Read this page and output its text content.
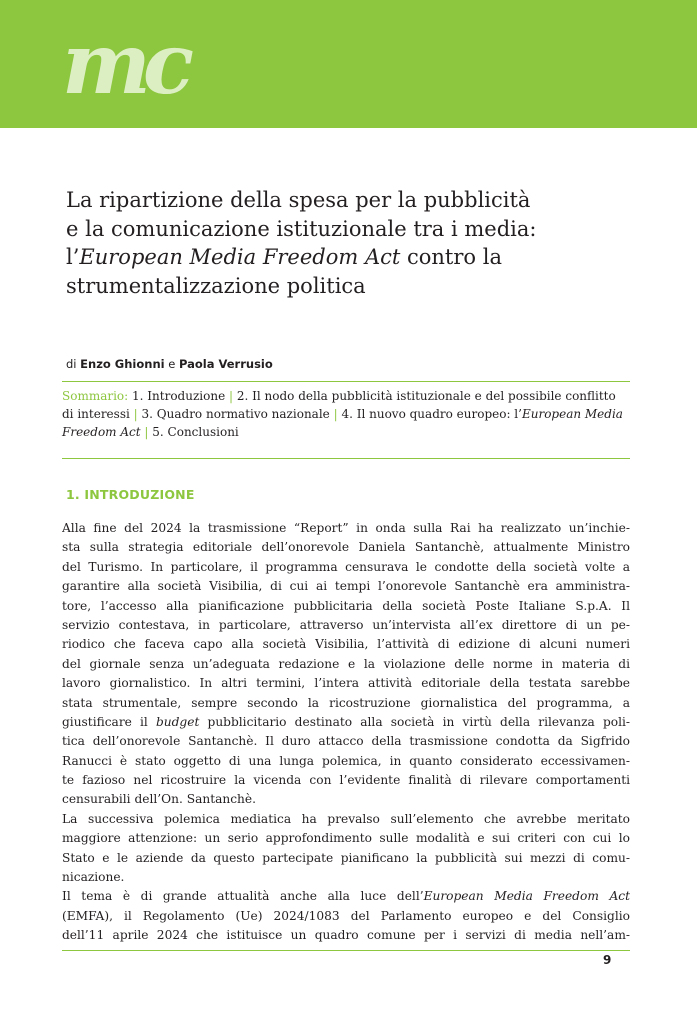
mc
La ripartizione della spesa per la pubblicità
e la comunicazione istituzionale tra i media:
l’European Media Freedom Act contro la
strumentalizzazione politica
di Enzo Ghionni e Paola Verrusio
Sommario: 1. Introduzione | 2. Il nodo della pubblicità istituzionale e del possibile conflitto di interessi | 3. Quadro normativo nazionale | 4. Il nuovo quadro europeo: l’European Media Freedom Act | 5. Conclusioni
1. INTRODUZIONE
Alla fine del 2024 la trasmissione “Report” in onda sulla Rai ha realizzato un’inchie-
sta sulla strategia editoriale dell’onorevole Daniela Santanchè, attualmente Ministro
del Turismo. In particolare, il programma censurava le condotte della società volte a
garantire alla società Visibilia, di cui ai tempi l’onorevole Santanchè era amministra-
tore, l’accesso alla pianificazione pubblicitaria della società Poste Italiane S.p.A. Il
servizio contestava, in particolare, attraverso un’intervista all’ex direttore di un pe-
riodico che faceva capo alla società Visibilia, l’attività di edizione di alcuni numeri
del giornale senza un’adeguata redazione e la violazione delle norme in materia di
lavoro giornalistico. In altri termini, l’intera attività editoriale della testata sarebbe
stata strumentale, sempre secondo la ricostruzione giornalistica del programma, a
giustificare il budget pubblicitario destinato alla società in virtù della rilevanza poli-
tica dell’onorevole Santanchè. Il duro attacco della trasmissione condotta da Sigfrido
Ranucci è stato oggetto di una lunga polemica, in quanto considerato eccessivamen-
te fazioso nel ricostruire la vicenda con l’evidente finalità di rilevare comportamenti
censurabili dell’On. Santanchè.
La successiva polemica mediatica ha prevalso sull’elemento che avrebbe meritato
maggiore attenzione: un serio approfondimento sulle modalità e sui criteri con cui lo
Stato e le aziende da questo partecipate pianificano la pubblicità sui mezzi di comu-
nicazione.
Il tema è di grande attualità anche alla luce dell’European Media Freedom Act
(EMFA), il Regolamento (Ue) 2024/1083 del Parlamento europeo e del Consiglio
dell’11 aprile 2024 che istituisce un quadro comune per i servizi di media nell’am-
9
